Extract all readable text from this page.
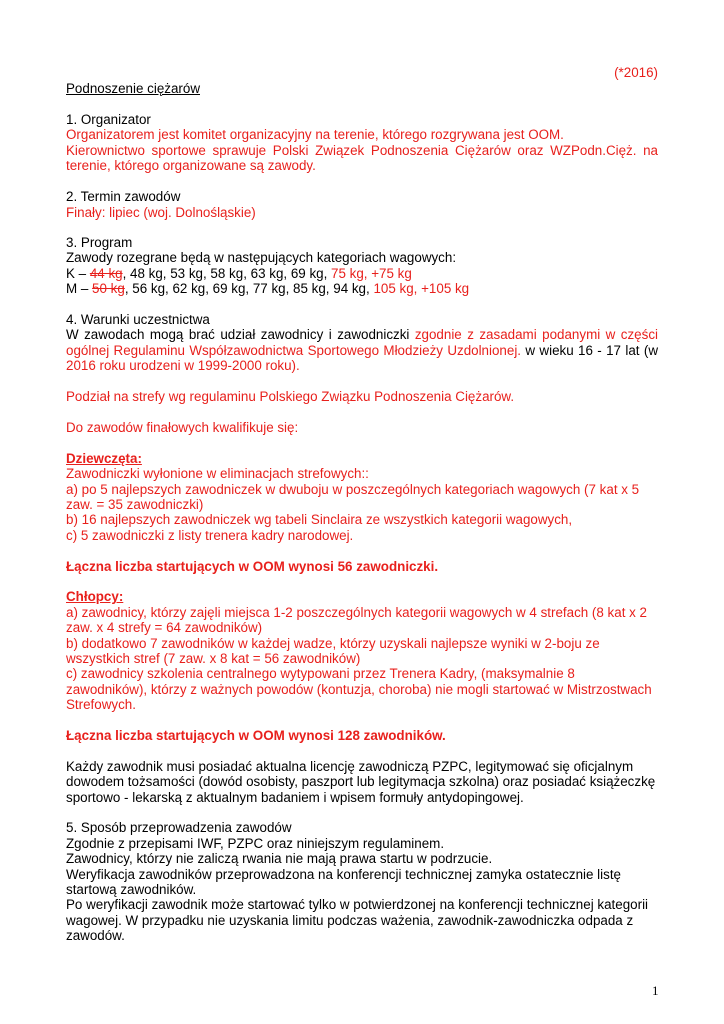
(*2016)
Podnoszenie ciężarów
1. Organizator
Organizatorem jest komitet organizacyjny na terenie, którego rozgrywana jest OOM.
Kierownictwo sportowe sprawuje Polski Związek Podnoszenia Ciężarów oraz WZPodn.Cięż. na
terenie, którego organizowane są zawody.
2. Termin zawodów
Finały: lipiec (woj. Dolnośląskie)
3. Program
Zawody rozegrane będą w następujących kategoriach wagowych:
K – 44 kg, 48 kg, 53 kg, 58 kg, 63 kg, 69 kg, 75 kg, +75 kg
M – 50 kg, 56 kg, 62 kg, 69 kg, 77 kg, 85 kg, 94 kg, 105 kg, +105 kg
4. Warunki uczestnictwa
W zawodach mogą brać udział zawodnicy i zawodniczki zgodnie z zasadami podanymi w części
ogólnej Regulaminu Współzawodnictwa Sportowego Młodzieży Uzdolnionej. w wieku 16 - 17 lat (w
2016 roku urodzeni w 1999-2000 roku).
Podział na strefy wg regulaminu Polskiego Związku Podnoszenia Ciężarów.
Do zawodów finałowych kwalifikuje się:
Dziewczęta:
Zawodniczki wyłonione w eliminacjach strefowych::
a) po 5 najlepszych zawodniczek w dwuboju w poszczególnych kategoriach wagowych (7 kat x 5
zaw. = 35 zawodniczki)
b) 16 najlepszych zawodniczek wg tabeli Sinclaira ze wszystkich kategorii wagowych,
c) 5 zawodniczki z listy trenera kadry narodowej.
Łączna liczba startujących w OOM wynosi 56 zawodniczki.
Chłopcy:
a) zawodnicy, którzy zajęli miejsca 1-2 poszczególnych kategorii wagowych w 4 strefach (8 kat x 2
zaw. x 4 strefy = 64 zawodników)
b) dodatkowo 7 zawodników w każdej wadze, którzy uzyskali najlepsze wyniki w 2-boju ze
wszystkich stref (7 zaw. x 8 kat = 56 zawodników)
c) zawodnicy szkolenia centralnego wytypowani przez Trenera Kadry, (maksymalnie 8
zawodników), którzy z ważnych powodów (kontuzja, choroba) nie mogli startować w Mistrzostwach
Strefowych.
Łączna liczba startujących w OOM wynosi 128 zawodników.
Każdy zawodnik musi posiadać aktualna licencję zawodniczą PZPC, legitymować się oficjalnym
dowodem tożsamości (dowód osobisty, paszport lub legitymacja szkolna) oraz posiadać książeczkę
sportowo - lekarską z aktualnym badaniem i wpisem formuły antydopingowej.
5. Sposób przeprowadzenia zawodów
Zgodnie z przepisami IWF, PZPC oraz niniejszym regulaminem.
Zawodnicy, którzy nie zaliczą rwania nie mają prawa startu w podrzucie.
Weryfikacja zawodników przeprowadzona na konferencji technicznej zamyka ostatecznie listę
startową zawodników.
Po weryfikacji zawodnik może startować tylko w potwierdzonej na konferencji technicznej kategorii
wagowej. W przypadku nie uzyskania limitu podczas ważenia, zawodnik-zawodniczka odpada z
zawodów.
1
